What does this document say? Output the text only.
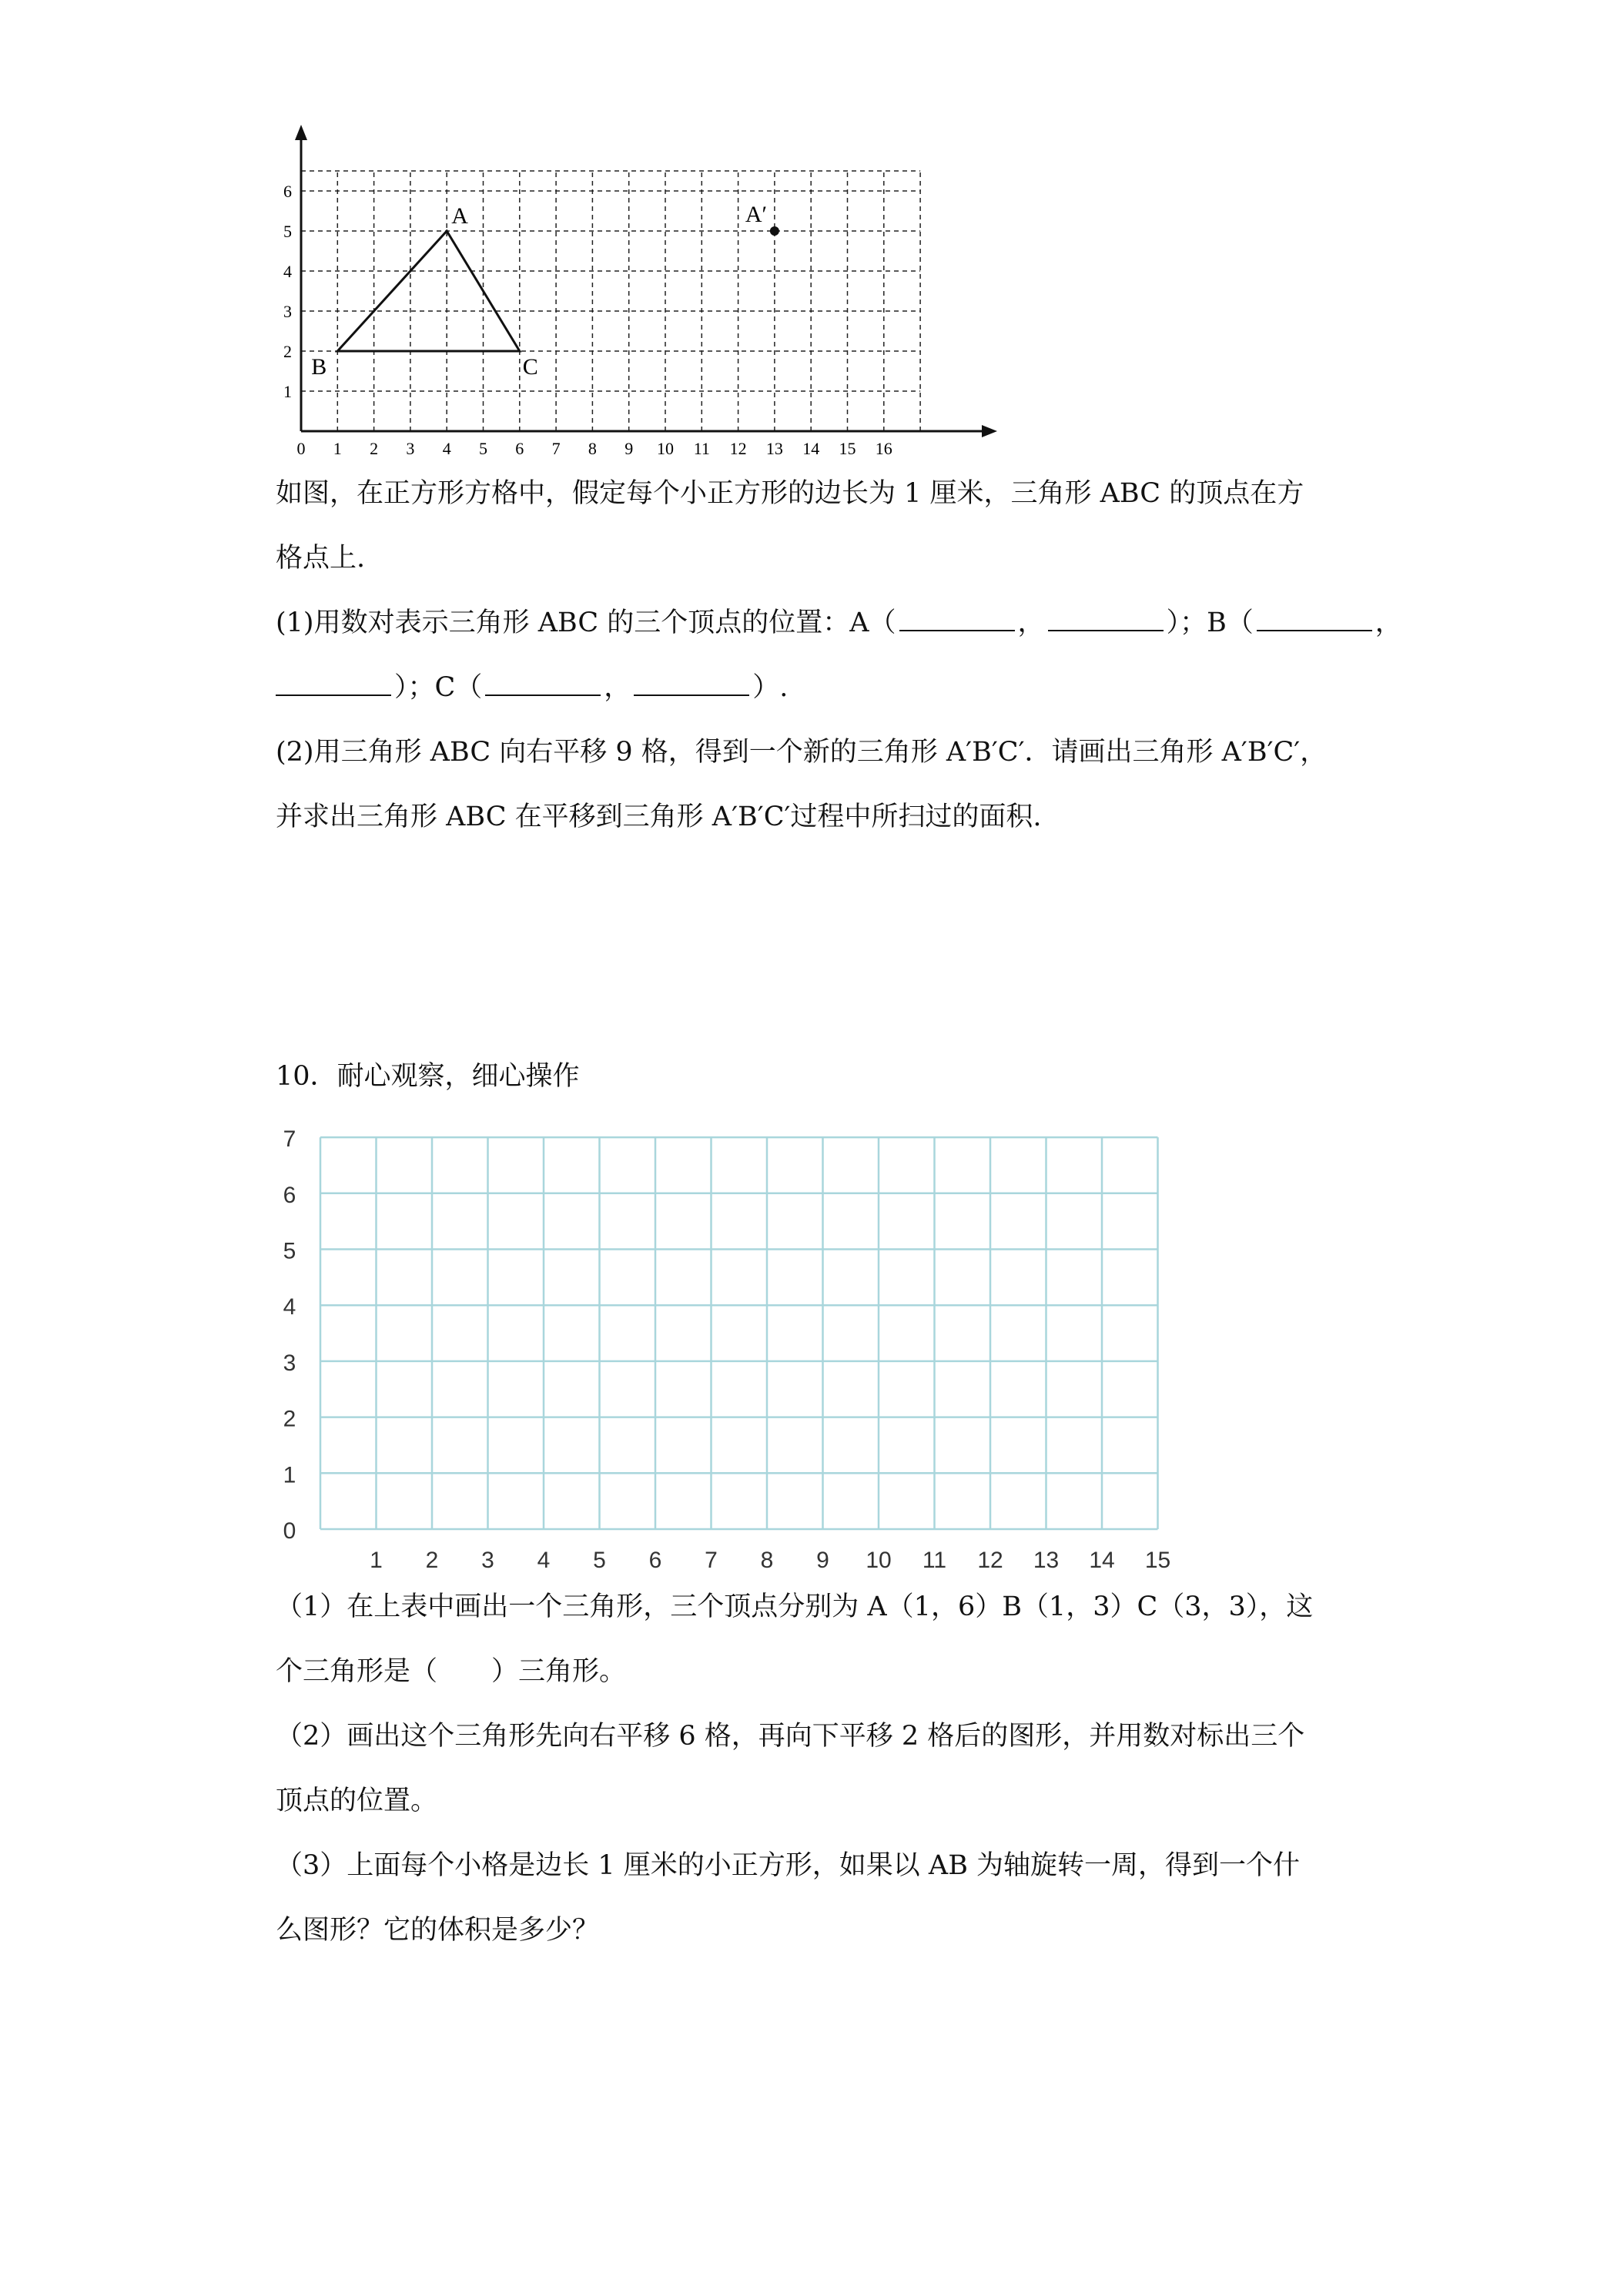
1
2
3
4
5
6
0 1 2 3 4 5 6 7 8 9 10 11 12 13 14 15 16
A
B	C
A′
如图，在正方形方格中，假定每个小正方形的边长为 1 厘米，三角形 ABC 的顶点在方
格点上.
(1)用数对表示三角形 ABC 的三个顶点的位置：A（	，	）；B（	，
）；C（	，	）.
(2)用三角形 ABC 向右平移 9 格，得到一个新的三角形 A′B′C′．请画出三角形 A′B′C′，
并求出三角形 ABC 在平移到三角形 A′B′C′过程中所扫过的面积.
10．耐心观察，细心操作
0
1
2
3
4
5
6
7
1 2 3 4 5 6 7 8 9 10 11 12 13 14 15
（1）在上表中画出一个三角形，三个顶点分别为 A（1，6）B（1，3）C（3，3），这
个三角形是（　　）三角形。
（2）画出这个三角形先向右平移 6 格，再向下平移 2 格后的图形，并用数对标出三个
顶点的位置。
（3）上面每个小格是边长 1 厘米的小正方形，如果以 AB 为轴旋转一周，得到一个什
么图形？它的体积是多少？
